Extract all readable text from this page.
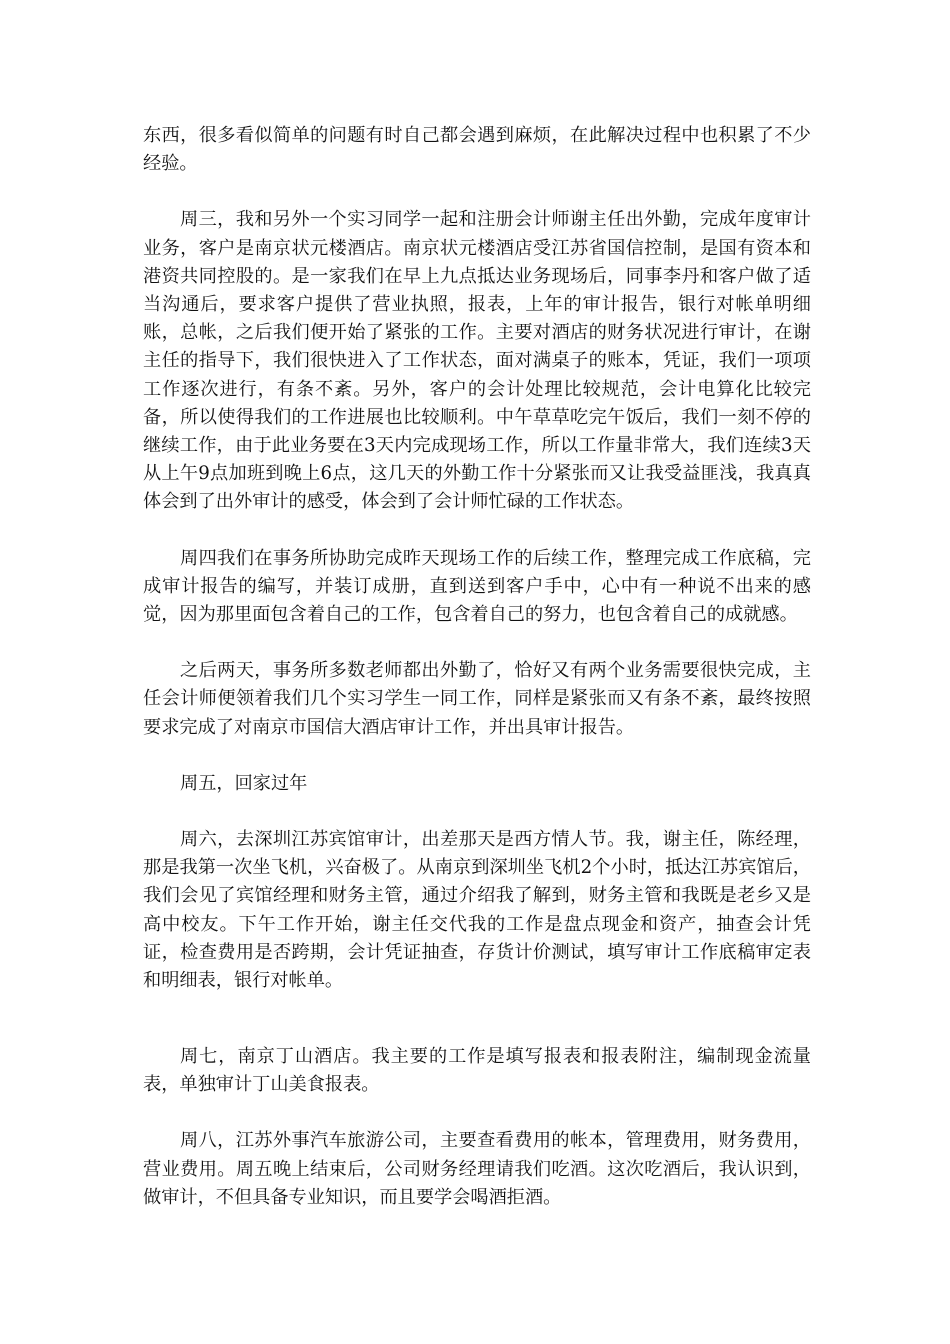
东西，很多看似简单的问题有时自己都会遇到麻烦，在此解决过程中也积累了不少经验。

周三，我和另外一个实习同学一起和注册会计师谢主任出外勤，完成年度审计业务，客户是南京状元楼酒店。南京状元楼酒店受江苏省国信控制，是国有资本和港资共同控股的。是一家我们在早上九点抵达业务现场后，同事李丹和客户做了适当沟通后，要求客户提供了营业执照，报表，上年的审计报告，银行对帐单明细账，总帐，之后我们便开始了紧张的工作。主要对酒店的财务状况进行审计，在谢主任的指导下，我们很快进入了工作状态，面对满桌子的账本，凭证，我们一项项工作逐次进行，有条不紊。另外，客户的会计处理比较规范，会计电算化比较完备，所以使得我们的工作进展也比较顺利。中午草草吃完午饭后，我们一刻不停的继续工作，由于此业务要在3天内完成现场工作，所以工作量非常大，我们连续3天从上午9点加班到晚上6点，这几天的外勤工作十分紧张而又让我受益匪浅，我真真体会到了出外审计的感受，体会到了会计师忙碌的工作状态。

周四我们在事务所协助完成昨天现场工作的后续工作，整理完成工作底稿，完成审计报告的编写，并装订成册，直到送到客户手中，心中有一种说不出来的感觉，因为那里面包含着自己的工作，包含着自己的努力，也包含着自己的成就感。

之后两天，事务所多数老师都出外勤了，恰好又有两个业务需要很快完成，主任会计师便领着我们几个实习学生一同工作，同样是紧张而又有条不紊，最终按照要求完成了对南京市国信大酒店审计工作，并出具审计报告。

周五，回家过年

周六，去深圳江苏宾馆审计，出差那天是西方情人节。我，谢主任，陈经理，那是我第一次坐飞机，兴奋极了。从南京到深圳坐飞机2个小时，抵达江苏宾馆后，我们会见了宾馆经理和财务主管，通过介绍我了解到，财务主管和我既是老乡又是高中校友。下午工作开始，谢主任交代我的工作是盘点现金和资产，抽查会计凭证，检查费用是否跨期，会计凭证抽查，存货计价测试，填写审计工作底稿审定表和明细表，银行对帐单。

周七，南京丁山酒店。我主要的工作是填写报表和报表附注，编制现金流量表，单独审计丁山美食报表。

周八，江苏外事汽车旅游公司，主要查看费用的帐本，管理费用，财务费用，营业费用。周五晚上结束后，公司财务经理请我们吃酒。这次吃酒后，我认识到，做审计，不但具备专业知识，而且要学会喝酒拒酒。
